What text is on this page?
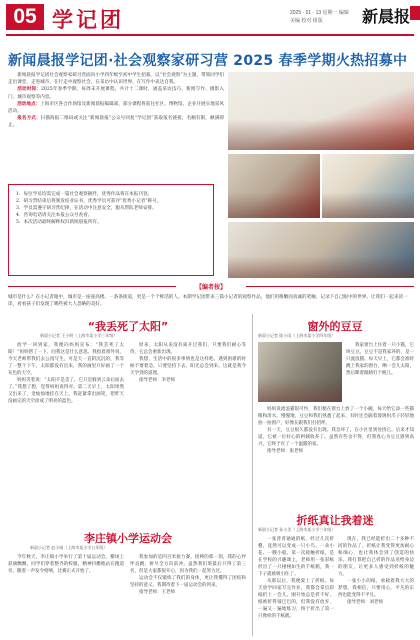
05 学记团	2025 · 01 · 13 星期一 编辑
美编 校对 组版	新晨报
新闻晨报学记团·社会观察家研习营 2025 春季学期火热招募中

新闻晨报学记团社会观察家研习营面向小学四年级至初中学生招募，以“社会观察”为主题，带领同学们走出课堂，走进城市，在行走中观察社会、在采访中认识世界、在写作中表达自我。

活动时间：2025年春季学期，每周末开展课程，共计十二课时，涵盖采访技巧、新闻写作、摄影入门、城市观察等内容。

活动地点：上海市区各合作场馆及新闻晨报编辑部，部分课程将前往社区、博物馆、企业开展实地采风活动。

报名方式：扫描海报二维码或关注“新闻晨报”公众号回复“学记团”获取报名链接，名额有限，额满即止。

1．每位学员均需完成一篇社会观察稿件，优秀作品将在本报刊登。

2．研习营结束后将颁发结业证书，优秀学员可获评“优秀小记者”称号。

3．学员需遵守研习营纪律，在活动中注意安全，服从带队老师安排。

4．咨询电话请关注本报公众号查看。

5．本次活动最终解释权归新闻晨报所有。

【编者按】
城市是什么？在小记者眼中，城市是一座座高楼、一条条街道，更是一个个鲜活的人。本期学记团带来三篇小记者的观察作品，他们用稚嫩而真诚的笔触，记录下自己眼中的世界。让我们一起来读一读，看看孩子们发现了哪些被大人忽略的美好。
“我丢死了太阳”
新晨小记者 王小明（上海市某小学三年级）

放学一回到家，我便向妈妈宣布：“我丢死了太阳！”妈妈愣了一下，问我这是什么意思。我指着窗外说，今天老师带我们去公园写生，可是天一直阴沉沉的，我等了一整个下午，太阳都没有出来，我的画里只好画了一个灰色的天空。

妈妈笑着说：“太阳不是丢了，它只是躲到云朵后面去了。”我想了想，觉得妈妈说得对。第二天早上，太阳果然又出来了，金灿灿地挂在天上。我赶紧拿出画笔，把昨天没画完的天空涂成了明亮的蓝色。

原来，太阳从来没有离开过我们，只要我们耐心等待，它总会重新出现。

我想，生活中的很多事情也是这样吧。遇到困难的时候不要着急，只要坚持下去，阳光总会到来。这就是我今天学到的道理。

指导老师：李老师

窗外的豆豆
新晨小记者 陈小雨（上海市某小学四年级）

我家窗台上住着一只小猫，它叫豆豆。豆豆不是我家养的，是一只流浪猫。每天早上，它都会准时跳上我家的窗台，晒一会儿太阳，然后眯着眼睛打个盹儿。

妈妈说流浪猫很可怜，我们便在窗台上放了一个小碗，每天给它添一些猫粮和清水。慢慢地，豆豆和我们熟悉了起来，有时还会隔着玻璃用爪子轻轻地拍一拍窗户，好像在跟我们打招呼。

有一天，豆豆很久都没有出现。我急坏了，在小区里到处找它。后来才知道，它被一位好心的阿姨收养了。虽然有些舍不得，但我真心为豆豆感到高兴，它终于有了一个温暖的家。

指导老师：张老师

李庄镇小学运动会
新晨小记者 赵小刚（上海市某小学五年级）

今年秋天，李庄镇小学举行了第十届运动会。操场上彩旗飘飘，同学们穿着整齐的校服，精神抖擞地站在跑道旁。随着一声发令枪响，比赛正式开始了。

我参加的是四百米接力赛。接棒的那一刻，我的心怦怦直跳，拼尽全力向前冲。虽然我们班最后只得了第三名，但是大家都很开心，因为我们一起努力过。

运动会不仅锻炼了我们的身体，更让我懂得了团结和坚持的意义。我期待着下一届运动会的到来。

指导老师：王老师

折纸真让我着迷
新晨小记者 孙小美（上海市某小学三年级）

一张普普通通的纸，经过几次折叠，竟然可以变成一只小鸟、一朵小花、一艘小船。第一次接触折纸，是在学校的兴趣课上，老师用一张彩纸折出了一只栩栩如生的千纸鹤，我一下子就被吸引住了。

从那以后，我便爱上了折纸。每天放学回家写完作业，我都会拿出彩纸折上一会儿。刚开始总是折不好，纸被折得皱巴巴的，但我没有放弃，一遍又一遍地练习，终于折出了第一只像样的千纸鹤。

现在，我已经能折出二十多种不同的作品了。折纸让我变得更加耐心和细心，也让我体会到了创造的快乐。我打算把自己折的作品送给身边的朋友，让更多人感受到折纸的魅力。

一张小小的纸，承载着我大大的梦想。我相信，只要用心，平凡的东西也能变得不平凡。

指导老师：刘老师
